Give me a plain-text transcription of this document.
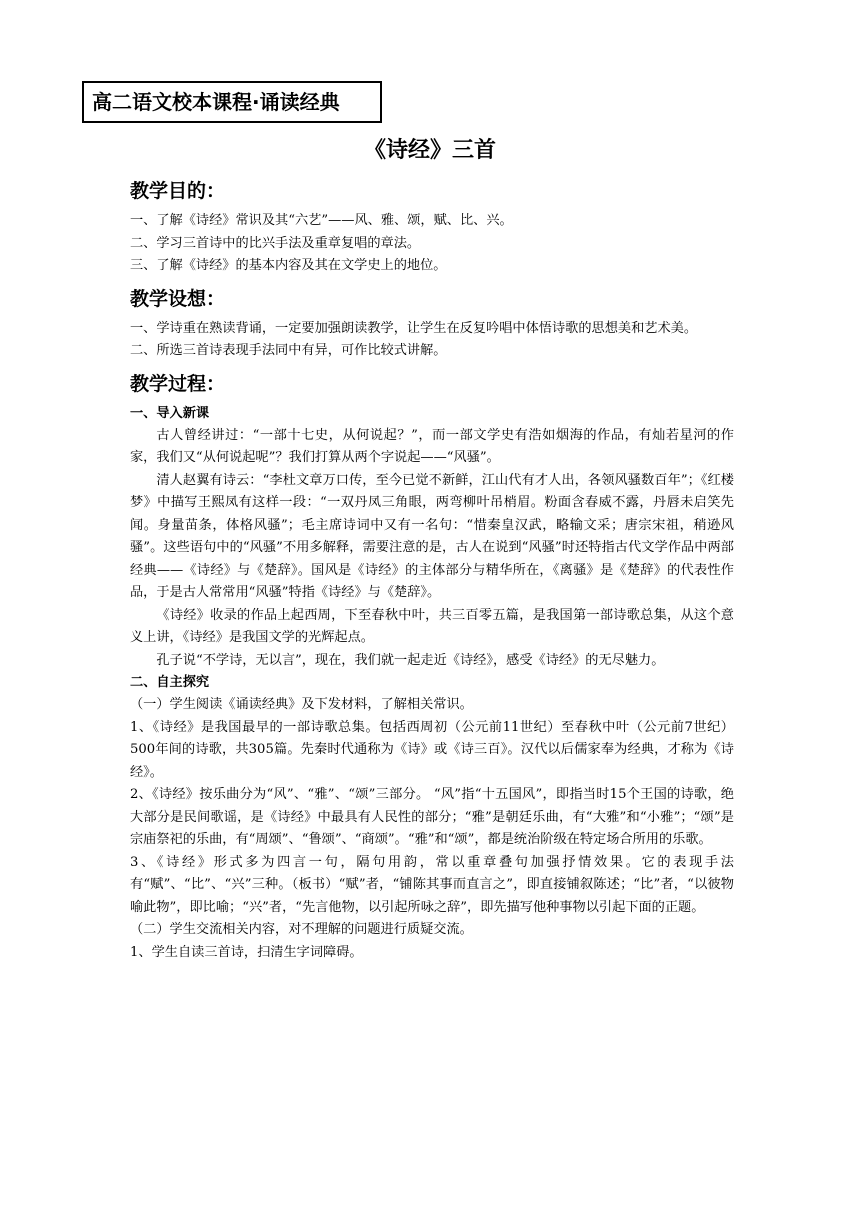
高二语文校本课程·诵读经典
《诗经》三首
教学目的：

一、了解《诗经》常识及其“六艺”——风、雅、颂，赋、比、兴。

二、学习三首诗中的比兴手法及重章复唱的章法。

三、了解《诗经》的基本内容及其在文学史上的地位。

教学设想：

一、学诗重在熟读背诵，一定要加强朗读教学，让学生在反复吟唱中体悟诗歌的思想美和艺术美。

二、所选三首诗表现手法同中有异，可作比较式讲解。

教学过程：
一、导入新课

古人曾经讲过：“一部十七史，从何说起？”，而一部文学史有浩如烟海的作品，有灿若星河的作家，我们又“从何说起呢”？我们打算从两个字说起——“风骚”。

清人赵翼有诗云：“李杜文章万口传，至今已觉不新鲜，江山代有才人出，各领风骚数百年”；《红楼梦》中描写王熙凤有这样一段：“一双丹凤三角眼，两弯柳叶吊梢眉。粉面含春威不露，丹唇未启笑先闻。身量苗条，体格风骚”；毛主席诗词中又有一名句：“惜秦皇汉武，略输文采；唐宗宋祖，稍逊风骚”。这些语句中的“风骚”不用多解释，需要注意的是，古人在说到“风骚”时还特指古代文学作品中两部经典——《诗经》与《楚辞》。国风是《诗经》的主体部分与精华所在，《离骚》是《楚辞》的代表性作品，于是古人常常用“风骚”特指《诗经》与《楚辞》。

《诗经》收录的作品上起西周，下至春秋中叶，共三百零五篇，是我国第一部诗歌总集，从这个意义上讲，《诗经》是我国文学的光辉起点。

孔子说“不学诗，无以言”，现在，我们就一起走近《诗经》，感受《诗经》的无尽魅力。

二、自主探究

（一）学生阅读《诵读经典》及下发材料，了解相关常识。

1、《诗经》是我国最早的一部诗歌总集。包括西周初（公元前11世纪）至春秋中叶（公元前7世纪）500年间的诗歌，共305篇。先秦时代通称为《诗》或《诗三百》。汉代以后儒家奉为经典，才称为《诗经》。

2、《诗经》按乐曲分为“风”、“雅”、“颂”三部分。 “风”指“十五国风”，即指当时15个王国的诗歌，绝大部分是民间歌谣，是《诗经》中最具有人民性的部分；“雅”是朝廷乐曲，有“大雅”和“小雅”；“颂”是宗庙祭祀的乐曲，有“周颂”、“鲁颂”、“商颂”。“雅”和“颂”，都是统治阶级在特定场合所用的乐歌。

3、《诗经》形式多为四言一句，隔句用韵，常以重章叠句加强抒情效果。它的表现手法有“赋”、“比”、“兴”三种。（板书）“赋”者，“铺陈其事而直言之”，即直接铺叙陈述；“比”者，“以彼物喻此物”，即比喻；“兴”者，“先言他物，以引起所咏之辞”，即先描写他种事物以引起下面的正题。

（二）学生交流相关内容，对不理解的问题进行质疑交流。

1、学生自读三首诗，扫清生字词障碍。
